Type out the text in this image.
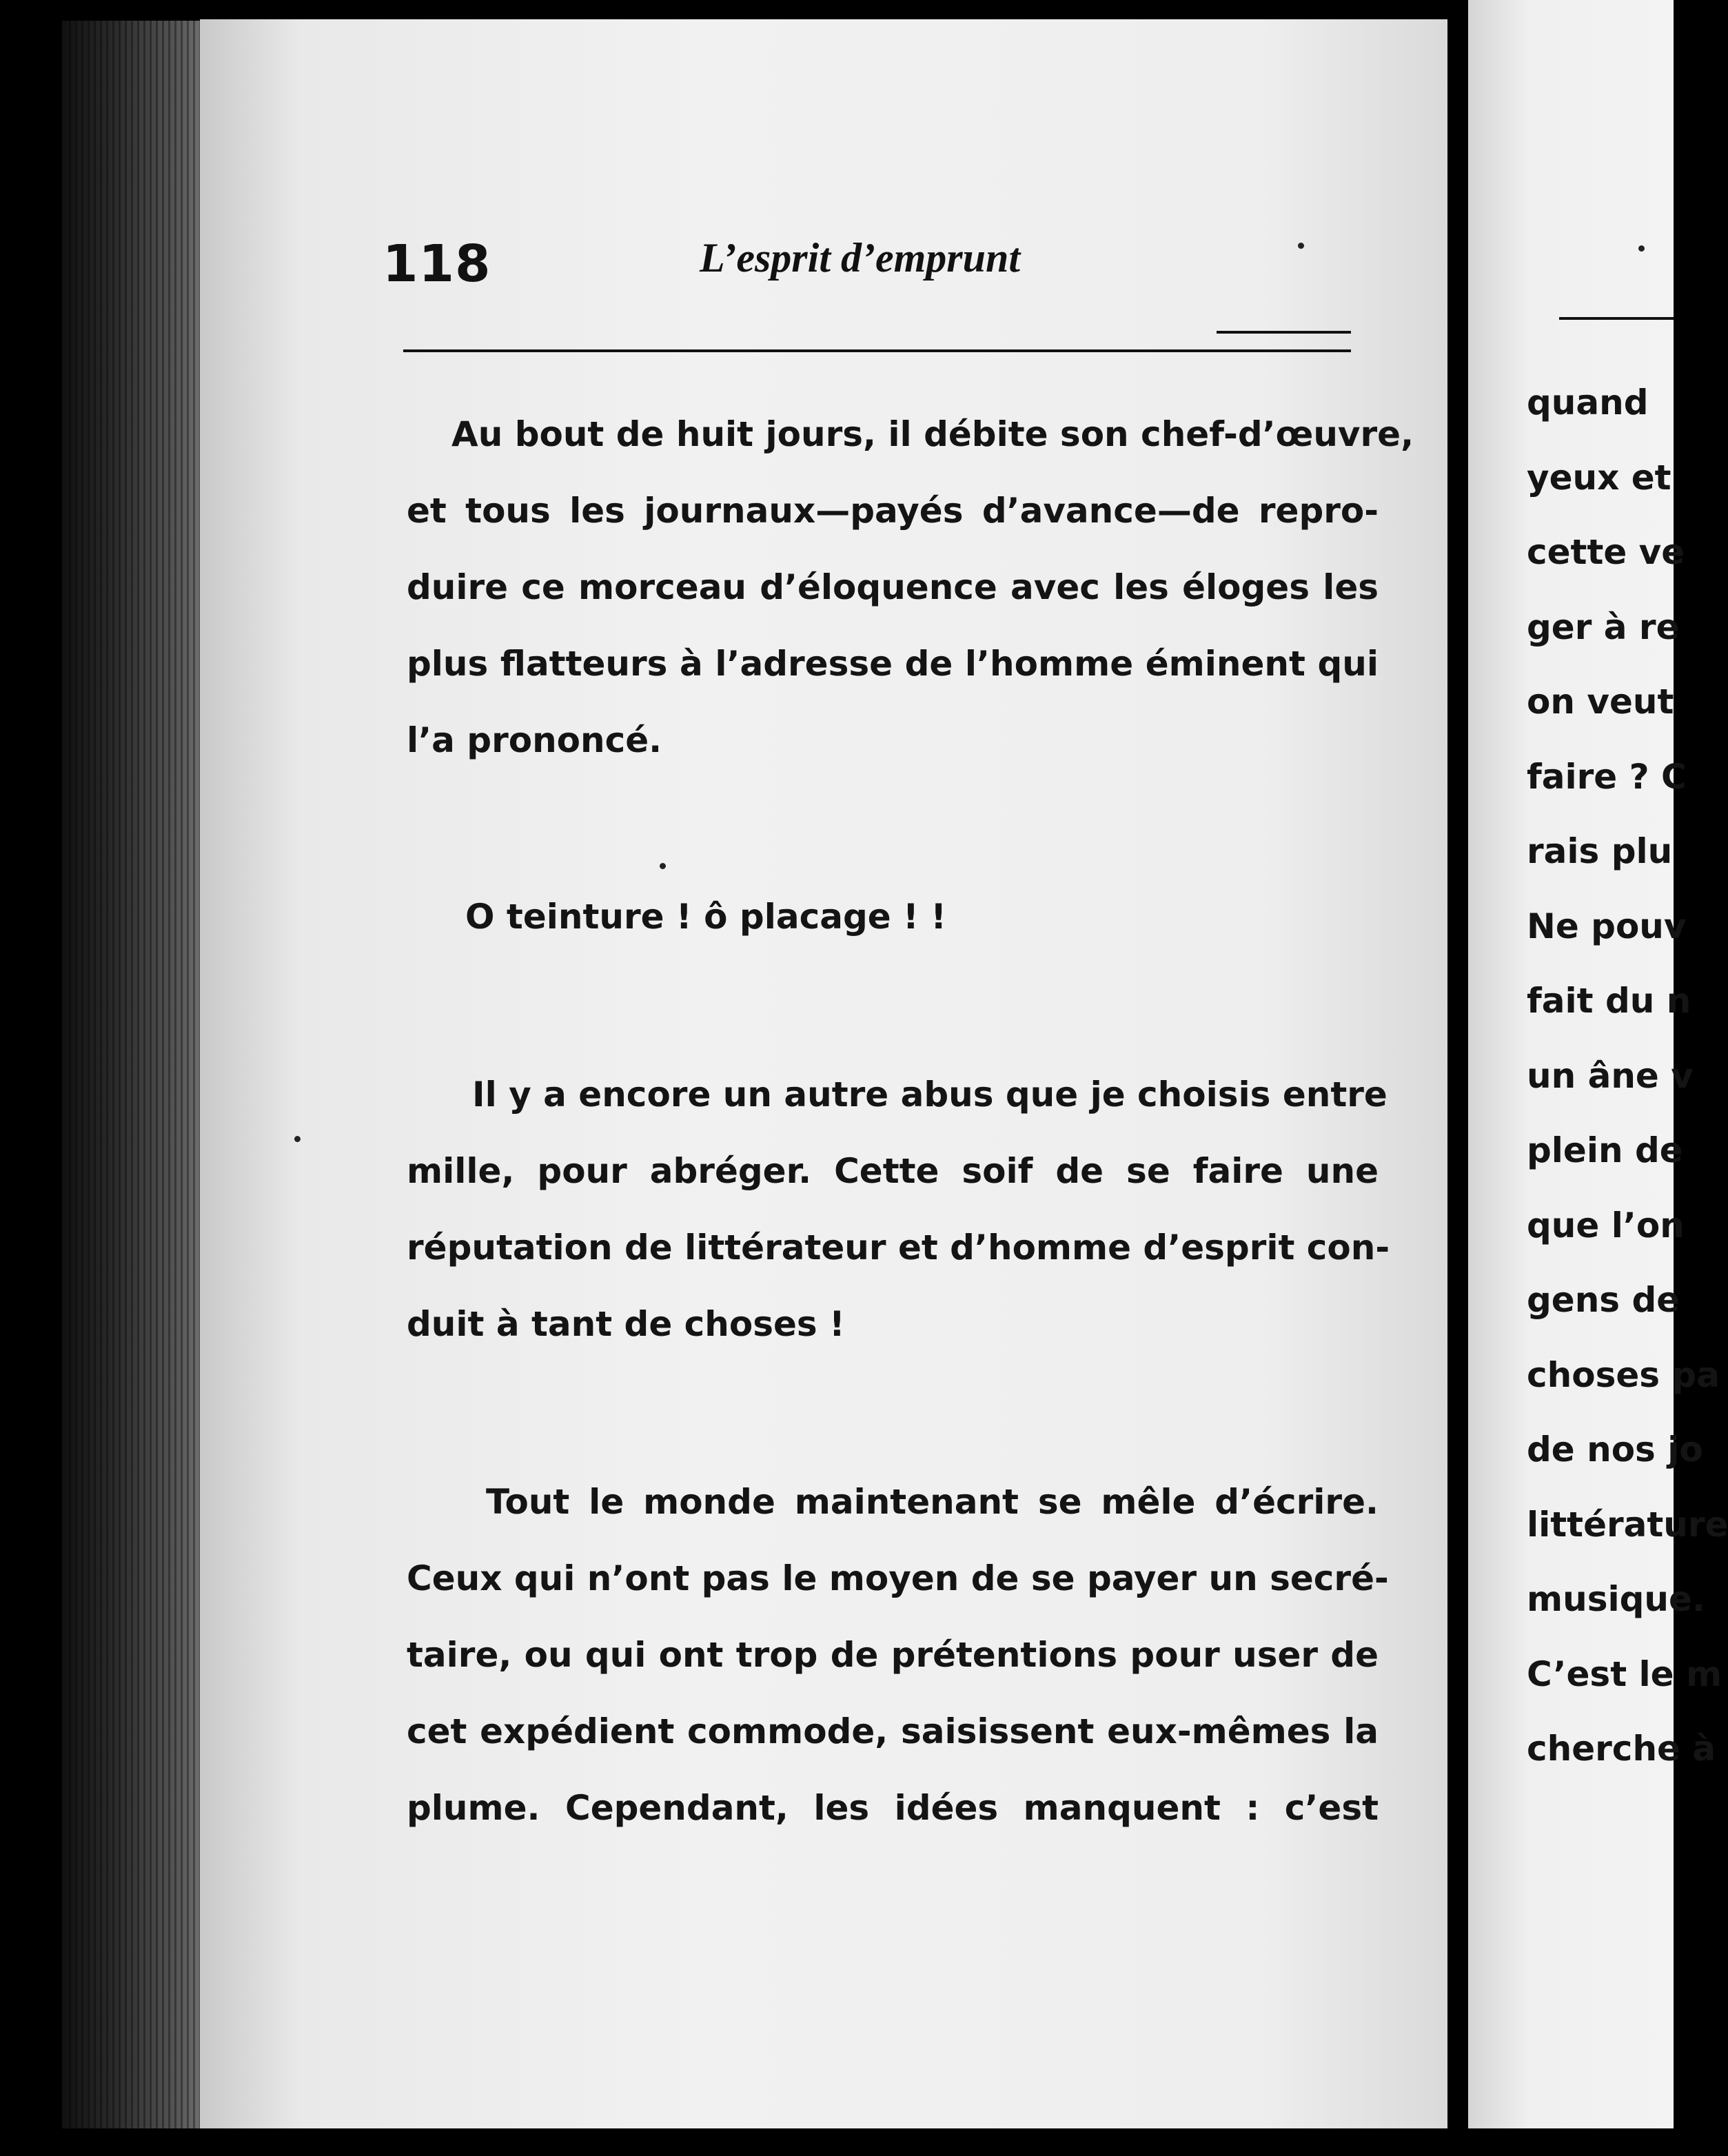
118	L’esprit d’emprunt
Au bout de huit jours, il débite son chef-d’œuvre,
et tous les journaux—payés d’avance—de repro-
duire ce morceau d’éloquence avec les éloges les
plus flatteurs à l’adresse de l’homme éminent qui
l’a prononcé.
O teinture ! ô placage ! !
Il y a encore un autre abus que je choisis entre
mille, pour abréger. Cette soif de se faire une
réputation de littérateur et d’homme d’esprit con-
duit à tant de choses !
Tout le monde maintenant se mêle d’écrire.
Ceux qui n’ont pas le moyen de se payer un secré-
taire, ou qui ont trop de prétentions pour user de
cet expédient commode, saisissent eux-mêmes la
plume. Cependant, les idées manquent : c’est
quand
yeux et
cette ve
ger à re
on veut
faire ? C
rais plu
Ne pouv
fait du n
un âne v
plein de
que l’on
gens de
choses pa
de nos jo
littérature
musique.
C’est le m
cherche à
